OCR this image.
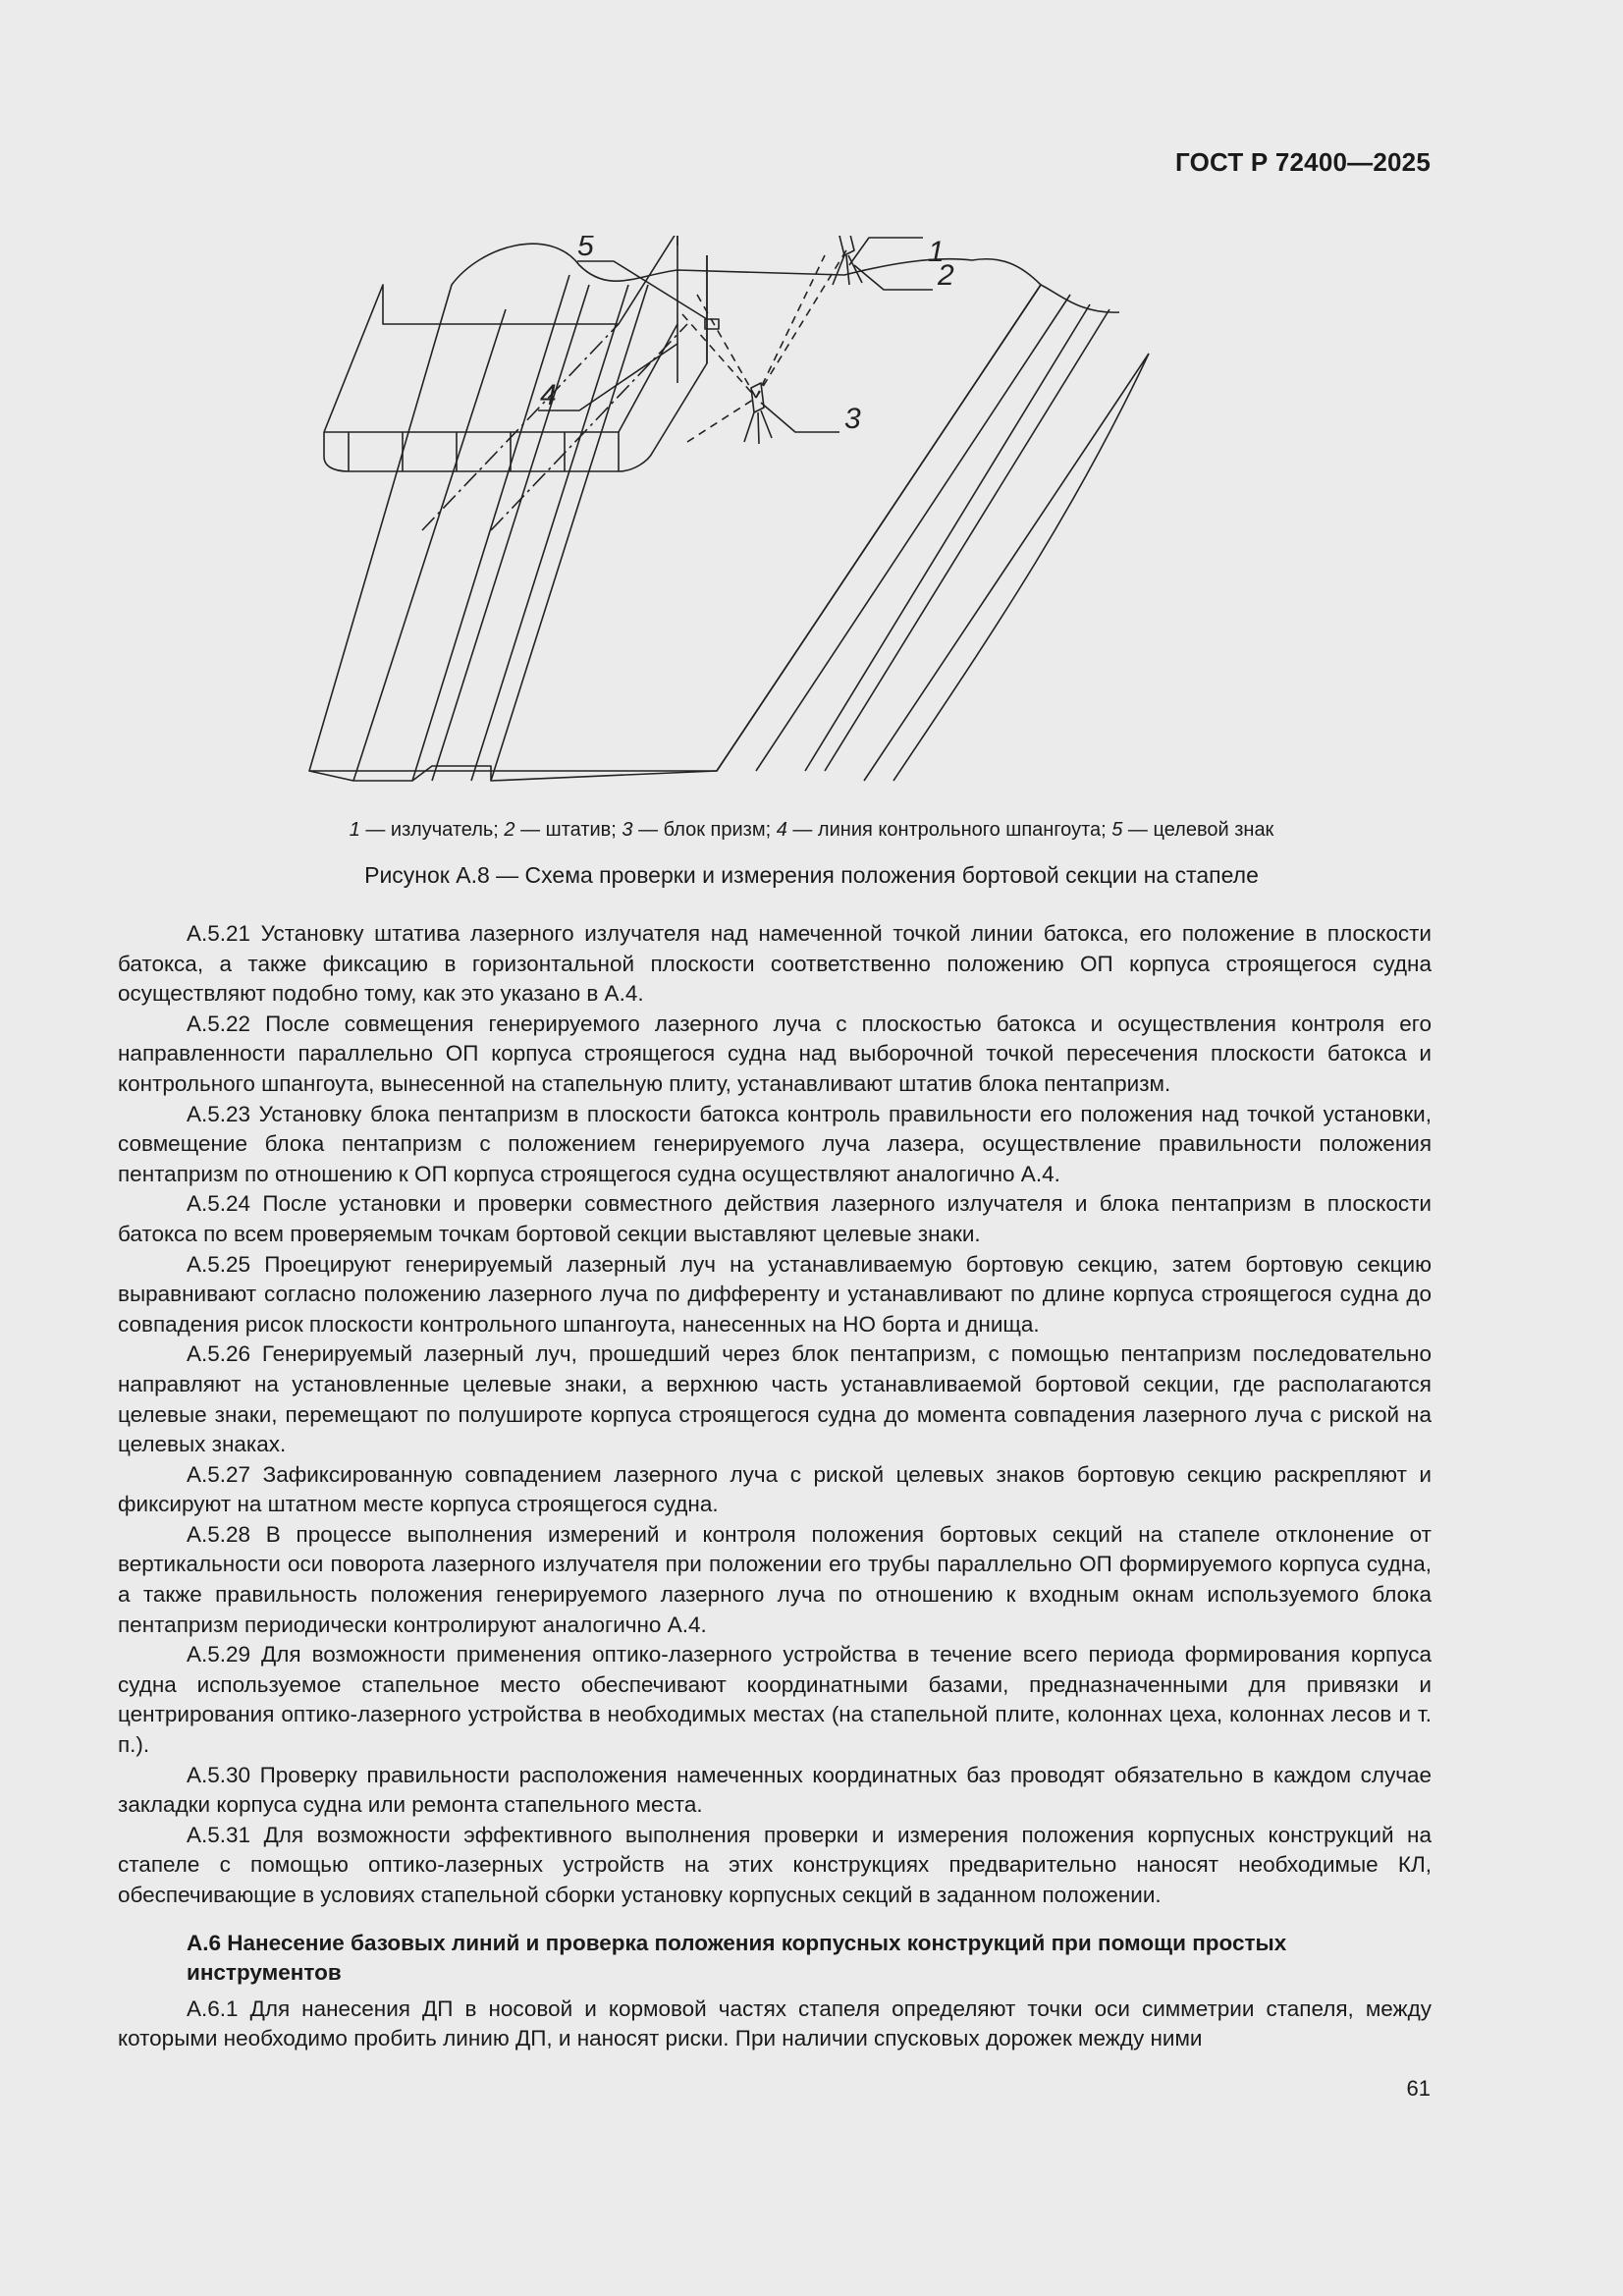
ГОСТ Р 72400—2025
1
2
3
4
5
1 — излучатель; 2 — штатив; 3 — блок призм; 4 — линия контрольного шпангоута; 5 — целевой знак
Рисунок А.8 — Схема проверки и измерения положения бортовой секции на стапеле

А.5.21 Установку штатива лазерного излучателя над намеченной точкой линии батокса, его положение в плоскости батокса, а также фиксацию в горизонтальной плоскости соответственно положению ОП корпуса строящегося судна осуществляют подобно тому, как это указано в А.4.

А.5.22 После совмещения генерируемого лазерного луча с плоскостью батокса и осуществления контроля его направленности параллельно ОП корпуса строящегося судна над выборочной точкой пересечения плоскости батокса и контрольного шпангоута, вынесенной на стапельную плиту, устанавливают штатив блока пентапризм.

А.5.23 Установку блока пентапризм в плоскости батокса контроль правильности его положения над точкой установки, совмещение блока пентапризм с положением генерируемого луча лазера, осуществление правильности положения пентапризм по отношению к ОП корпуса строящегося судна осуществляют аналогично А.4.

А.5.24 После установки и проверки совместного действия лазерного излучателя и блока пентапризм в плоскости батокса по всем проверяемым точкам бортовой секции выставляют целевые знаки.

А.5.25 Проецируют генерируемый лазерный луч на устанавливаемую бортовую секцию, затем бортовую секцию выравнивают согласно положению лазерного луча по дифференту и устанавливают по длине корпуса строящегося судна до совпадения рисок плоскости контрольного шпангоута, нанесенных на НО борта и днища.

А.5.26 Генерируемый лазерный луч, прошедший через блок пентапризм, с помощью пентапризм последовательно направляют на установленные целевые знаки, а верхнюю часть устанавливаемой бортовой секции, где располагаются целевые знаки, перемещают по полуширoте корпуса строящегося судна до момента совпадения лазерного луча с риской на целевых знаках.

А.5.27 Зафиксированную совпадением лазерного луча с риской целевых знаков бортовую секцию раскрепляют и фиксируют на штатном месте корпуса строящегося судна.

А.5.28 В процессе выполнения измерений и контроля положения бортовых секций на стапеле отклонение от вертикальности оси поворота лазерного излучателя при положении его трубы параллельно ОП формируемого корпуса судна, а также правильность положения генерируемого лазерного луча по отношению к входным окнам используемого блока пентапризм периодически контролируют аналогично А.4.

А.5.29 Для возможности применения оптико-лазерного устройства в течение всего периода формирования корпуса судна используемое стапельное место обеспечивают координатными базами, предназначенными для привязки и центрирования оптико-лазерного устройства в необходимых местах (на стапельной плите, колоннах цеха, колоннах лесов и т. п.).

А.5.30 Проверку правильности расположения намеченных координатных баз проводят обязательно в каждом случае закладки корпуса судна или ремонта стапельного места.

А.5.31 Для возможности эффективного выполнения проверки и измерения положения корпусных конструкций на стапеле с помощью оптико-лазерных устройств на этих конструкциях предварительно наносят необходимые КЛ, обеспечивающие в условиях стапельной сборки установку корпусных секций в заданном положении.

А.6 Нанесение базовых линий и проверка положения корпусных конструкций при помощи простых инструментов

А.6.1 Для нанесения ДП в носовой и кормовой частях стапеля определяют точки оси симметрии стапеля, между которыми необходимо пробить линию ДП, и наносят риски. При наличии спусковых дорожек между ними

61
